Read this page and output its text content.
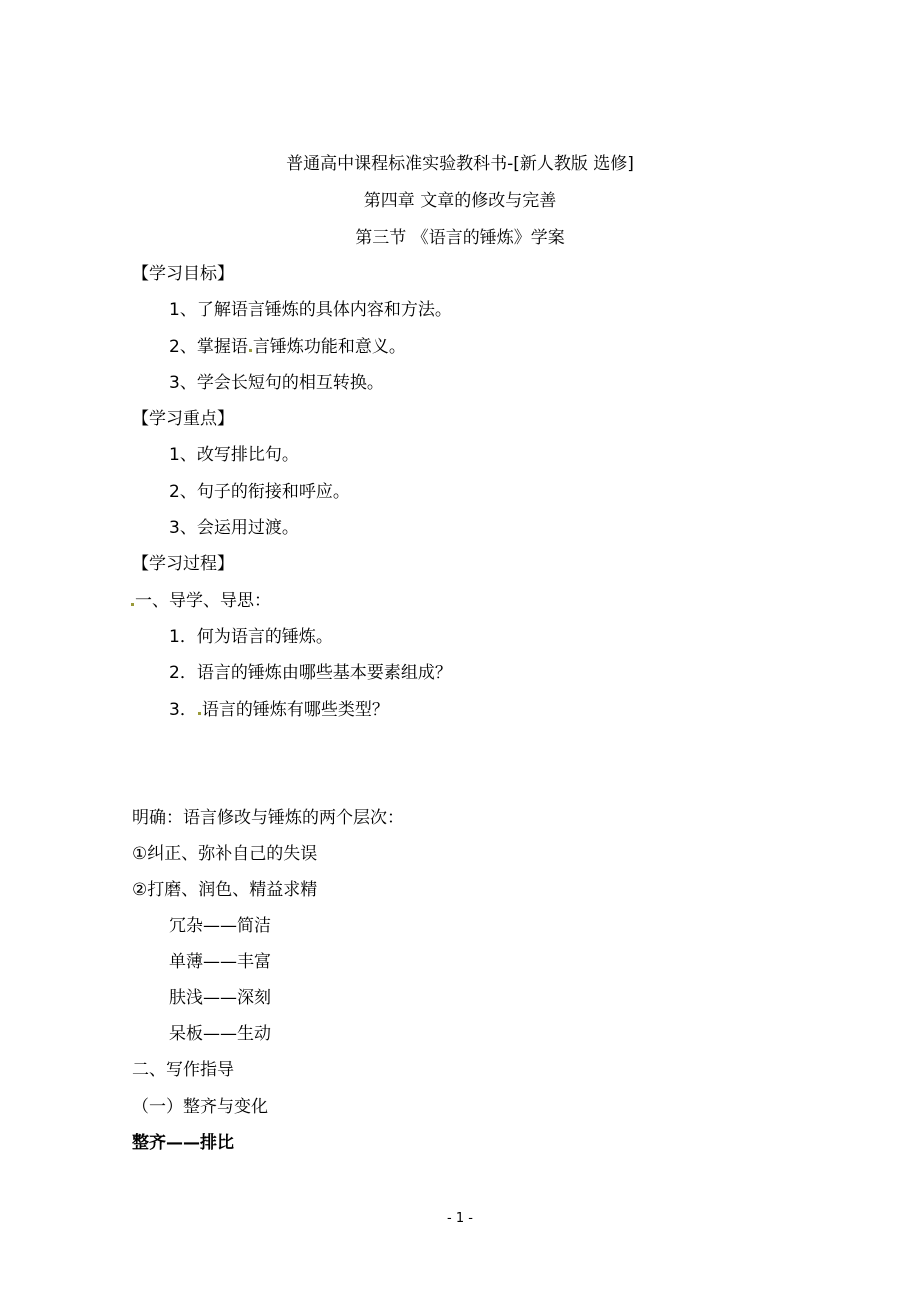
普通高中课程标准实验教科书-[新人教版 选修]
第四章 文章的修改与完善
第三节 《语言的锤炼》学案
【学习目标】
1、了解语言锤炼的具体内容和方法。
2、掌握语 言锤炼功能和意义。
3、学会长短句的相互转换。
【学习重点】
1、改写排比句。
2、句子的衔接和呼应。
3、会运用过渡。
【学习过程】
一、导学、导思：
1．何为语言的锤炼。
2．语言的锤炼由哪些基本要素组成？
3． 语言的锤炼有哪些类型？
明确：语言修改与锤炼的两个层次：
①纠正、弥补自己的失误
②打磨、润色、精益求精
冗杂——简洁
单薄——丰富
肤浅——深刻
呆板——生动
二、写作指导
（一）整齐与变化
整齐——排比
- 1 -
